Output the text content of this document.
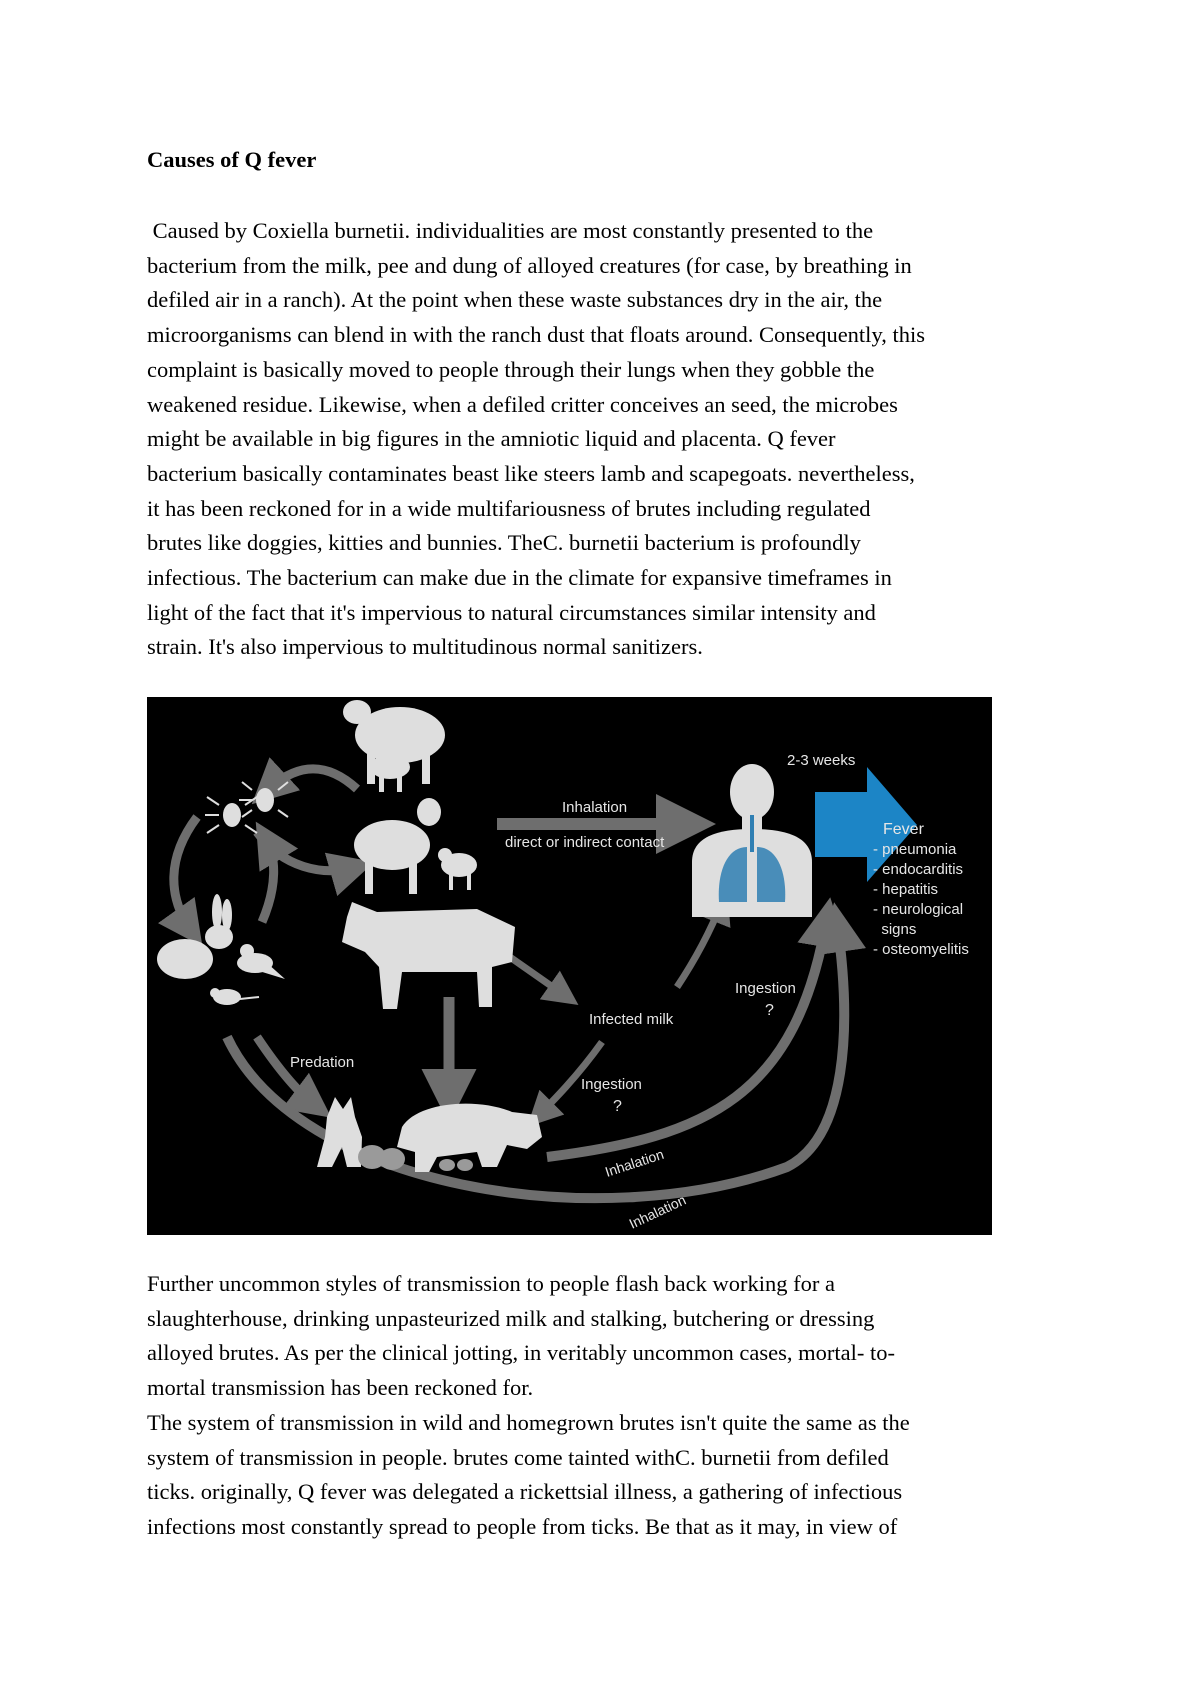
Causes of Q fever
Caused by Coxiella burnetii. individualities are most constantly presented to the
bacterium from the milk, pee and dung of alloyed creatures (for case, by breathing in
defiled air in a ranch). At the point when these waste substances dry in the air, the
microorganisms can blend in with the ranch dust that floats around. Consequently, this
complaint is basically moved to people through their lungs when they gobble the
weakened residue. Likewise, when a defiled critter conceives an seed, the microbes
might be available in big figures in the amniotic liquid and placenta. Q fever
bacterium basically contaminates beast like steers lamb and scapegoats. nevertheless,
it has been reckoned for in a wide multifariousness of brutes including regulated
brutes like doggies, kitties and bunnies. TheC. burnetii bacterium is profoundly
infectious. The bacterium can make due in the climate for expansive timeframes in
light of the fact that it's impervious to natural circumstances similar intensity and
strain. It's also impervious to multitudinous normal sanitizers.
2-3 weeks
Inhalation
direct or indirect contact
Fever
- pneumonia
- endocarditis
- hepatitis
- neurological
signs
- osteomyelitis
Ingestion
?
Infected milk
Ingestion
?
Predation
Inhalation
Inhalation
Further uncommon styles of transmission to people flash back working for a
slaughterhouse, drinking unpasteurized milk and stalking, butchering or dressing
alloyed brutes. As per the clinical jotting, in veritably uncommon cases, mortal- to-
mortal transmission has been reckoned for.
The system of transmission in wild and homegrown brutes isn't quite the same as the
system of transmission in people. brutes come tainted withC. burnetii from defiled
ticks. originally, Q fever was delegated a rickettsial illness, a gathering of infectious
infections most constantly spread to people from ticks. Be that as it may, in view of
